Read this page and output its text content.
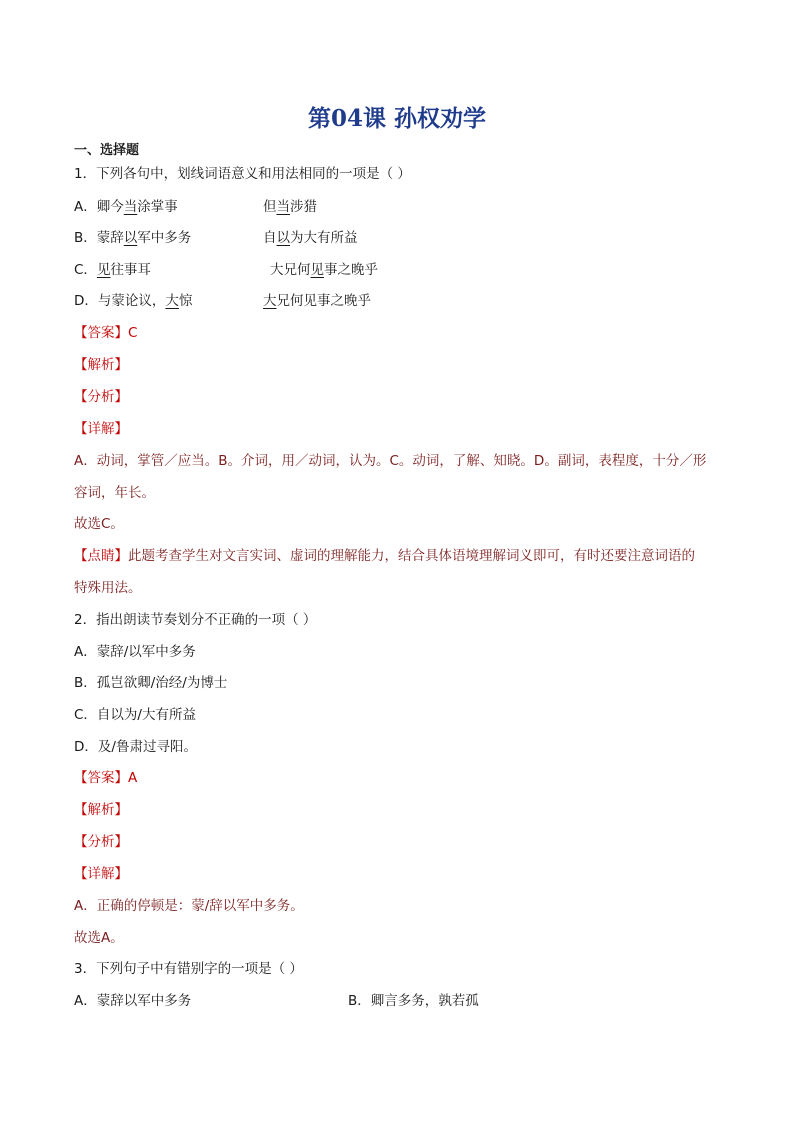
第04课 孙权劝学
一、选择题
1．下列各句中，划线词语意义和用法相同的一项是（ ）
A．卿今当涂掌事	但当涉猎
B．蒙辞以军中多务	自以为大有所益
C．见往事耳	大兄何见事之晚乎
D．与蒙论议，大惊	大兄何见事之晚乎
【答案】C
【解析】
【分析】
【详解】
A．动词，掌管／应当。B。介词，用／动词，认为。C。动词，了解、知晓。D。副词，表程度，十分／形
容词，年长。
故选C。
【点睛】此题考查学生对文言实词、虚词的理解能力，结合具体语境理解词义即可，有时还要注意词语的
特殊用法。
2．指出朗读节奏划分不正确的一项（ ）
A．蒙辞/以军中多务
B．孤岂欲卿/治经/为博士
C．自以为/大有所益
D．及/鲁肃过寻阳。
【答案】A
【解析】
【分析】
【详解】
A．正确的停顿是：蒙/辞以军中多务。
故选A。
3．下列句子中有错别字的一项是（ ）
A．蒙辞以军中多务	B．卿言多务，孰若孤
